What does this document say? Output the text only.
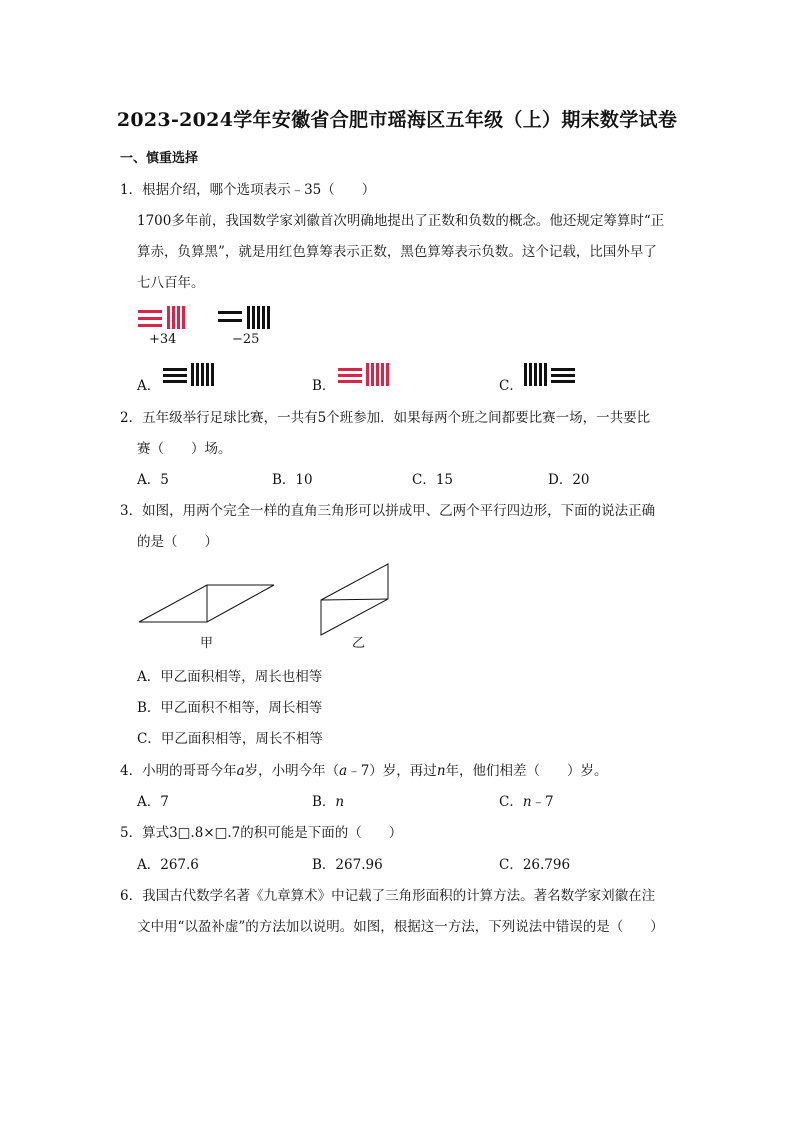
2023-2024学年安徽省合肥市瑶海区五年级（上）期末数学试卷
一、慎重选择
1．根据介绍，哪个选项表示﹣35（　　）
1700多年前，我国数学家刘徽首次明确地提出了正数和负数的概念。他还规定筹算时“正
算赤，负算黑”，就是用红色算筹表示正数，黑色算筹表示负数。这个记载，比国外早了
七八百年。
+34	−25
A．	B．	C．
2．五年级举行足球比赛，一共有5个班参加．如果每两个班之间都要比赛一场，一共要比
赛（　　）场。
A．5	B．10	C．15	D．20
3．如图，用两个完全一样的直角三角形可以拼成甲、乙两个平行四边形，下面的说法正确
的是（　　）
甲	乙
A．甲乙面积相等，周长也相等
B．甲乙面积不相等，周长相等
C．甲乙面积相等，周长不相等
4．小明的哥哥今年a岁，小明今年（a﹣7）岁，再过n年，他们相差（　　）岁。
A．7	B．n	C．n﹣7
5．算式3□.8×□.7的积可能是下面的（　　）
A．267.6	B．267.96	C．26.796
6．我国古代数学名著《九章算术》中记载了三角形面积的计算方法。著名数学家刘徽在注
文中用“以盈补虚”的方法加以说明。如图，根据这一方法，下列说法中错误的是（　　）
